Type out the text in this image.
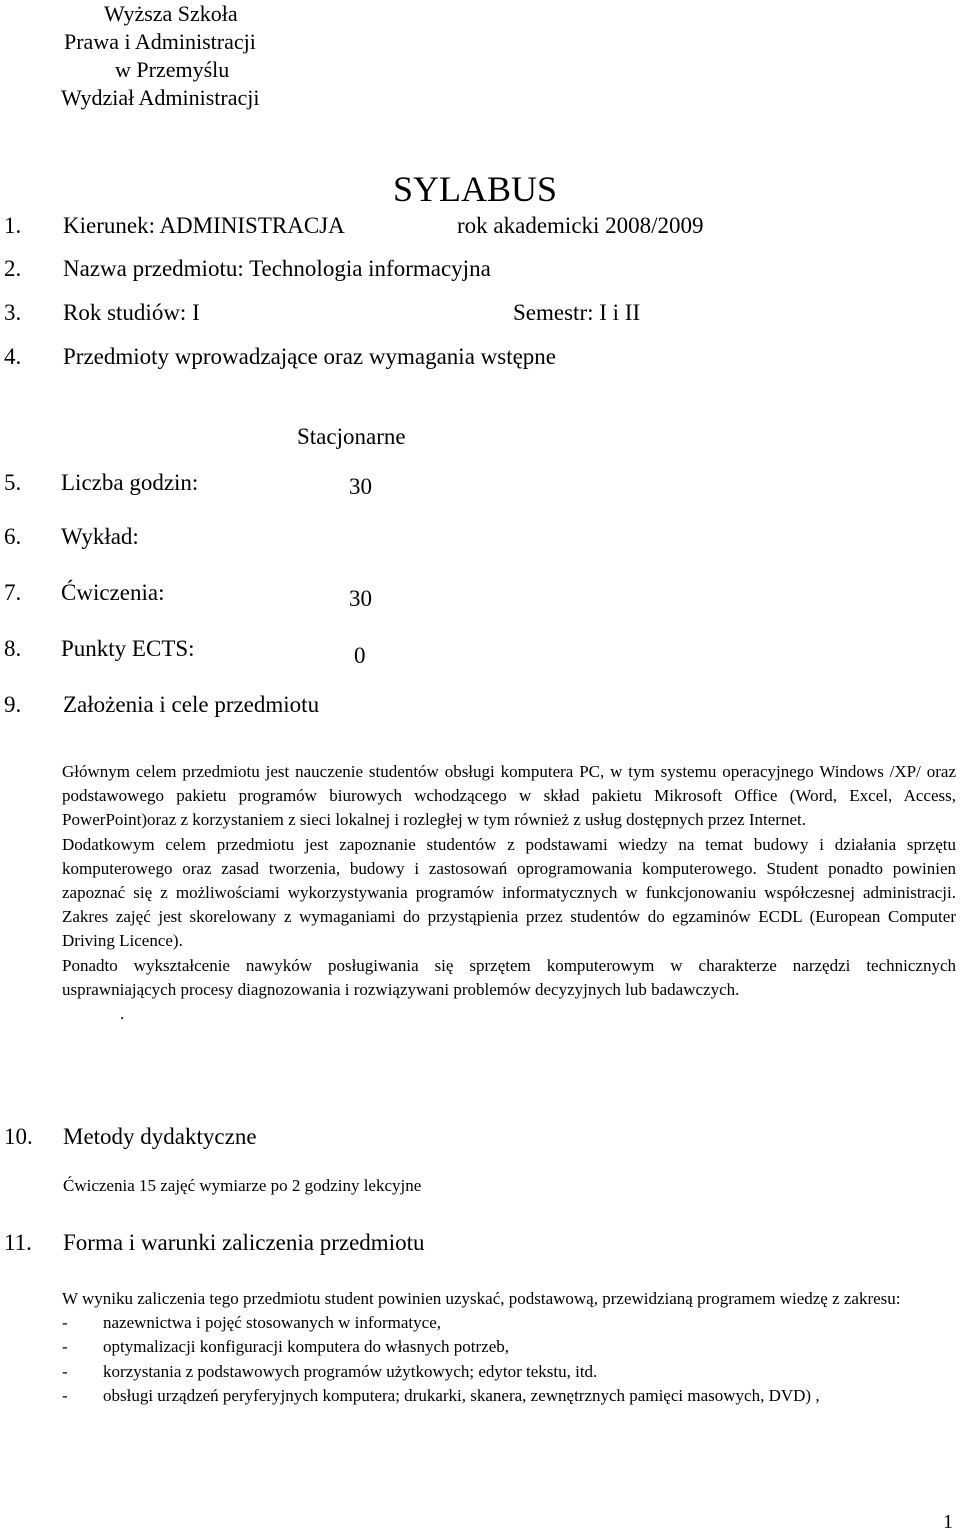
Wyższa Szkoła
Prawa i Administracji
w Przemyślu
Wydział Administracji
SYLABUS
1. Kierunek: ADMINISTRACJA	rok akademicki 2008/2009
2. Nazwa przedmiotu: Technologia informacyjna
3. Rok studiów: I	Semestr: I i II
4. Przedmioty wprowadzające oraz wymagania wstępne
Stacjonarne
5. Liczba godzin:	30
6. Wykład:
7. Ćwiczenia:	30
8. Punkty ECTS:	0
9. Założenia i cele przedmiotu

Głównym celem przedmiotu jest nauczenie studentów obsługi komputera PC, w tym systemu operacyjnego Windows /XP/ oraz podstawowego pakietu programów biurowych wchodzącego w skład pakietu Mikrosoft Office (Word, Excel, Access, PowerPoint)oraz z korzystaniem z sieci lokalnej i rozległej w tym również z usług dostępnych przez Internet.

Dodatkowym celem przedmiotu jest zapoznanie studentów z podstawami wiedzy na temat budowy i działania sprzętu komputerowego oraz zasad tworzenia, budowy i zastosowań oprogramowania komputerowego. Student ponadto powinien zapoznać się z możliwościami wykorzystywania programów informatycznych w funkcjonowaniu współczesnej administracji. Zakres zajęć jest skorelowany z wymaganiami do przystąpienia przez studentów do egzaminów ECDL (European Computer Driving Licence).

Ponadto wykształcenie nawyków posługiwania się sprzętem komputerowym w charakterze narzędzi technicznych usprawniających procesy diagnozowania i rozwiązywani problemów decyzyjnych lub badawczych.

.

10. Metody dydaktyczne
Ćwiczenia 15 zajęć wymiarze po 2 godziny lekcyjne
11. Forma i warunki zaliczenia przedmiotu
W wyniku zaliczenia tego przedmiotu student powinien uzyskać, podstawową, przewidzianą programem wiedzę z zakresu:
-	nazewnictwa i pojęć stosowanych w informatyce,
-	optymalizacji konfiguracji komputera do własnych potrzeb,
-	korzystania z podstawowych programów użytkowych; edytor tekstu, itd.
-	obsługi urządzeń peryferyjnych komputera; drukarki, skanera, zewnętrznych pamięci masowych, DVD) ,
1
